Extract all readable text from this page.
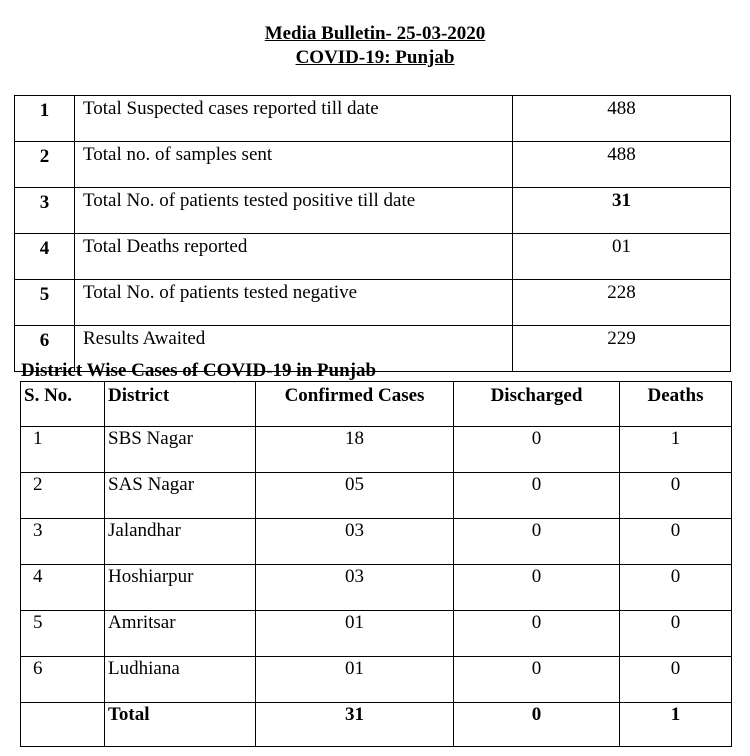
Media Bulletin- 25-03-2020
COVID-19: Punjab
1	Total Suspected cases reported till date	488
2	Total no. of samples sent	488
3	Total No. of patients tested positive till date	31
4	Total Deaths reported	01
5	Total No. of patients tested negative	228
6	Results Awaited	229
District Wise Cases of COVID-19 in Punjab
S. No.	District	Confirmed Cases	Discharged	Deaths
1	SBS Nagar	18	0	1
2	SAS Nagar	05	0	0
3	Jalandhar	03	0	0
4	Hoshiarpur	03	0	0
5	Amritsar	01	0	0
6	Ludhiana	01	0	0
	Total	31	0	1
